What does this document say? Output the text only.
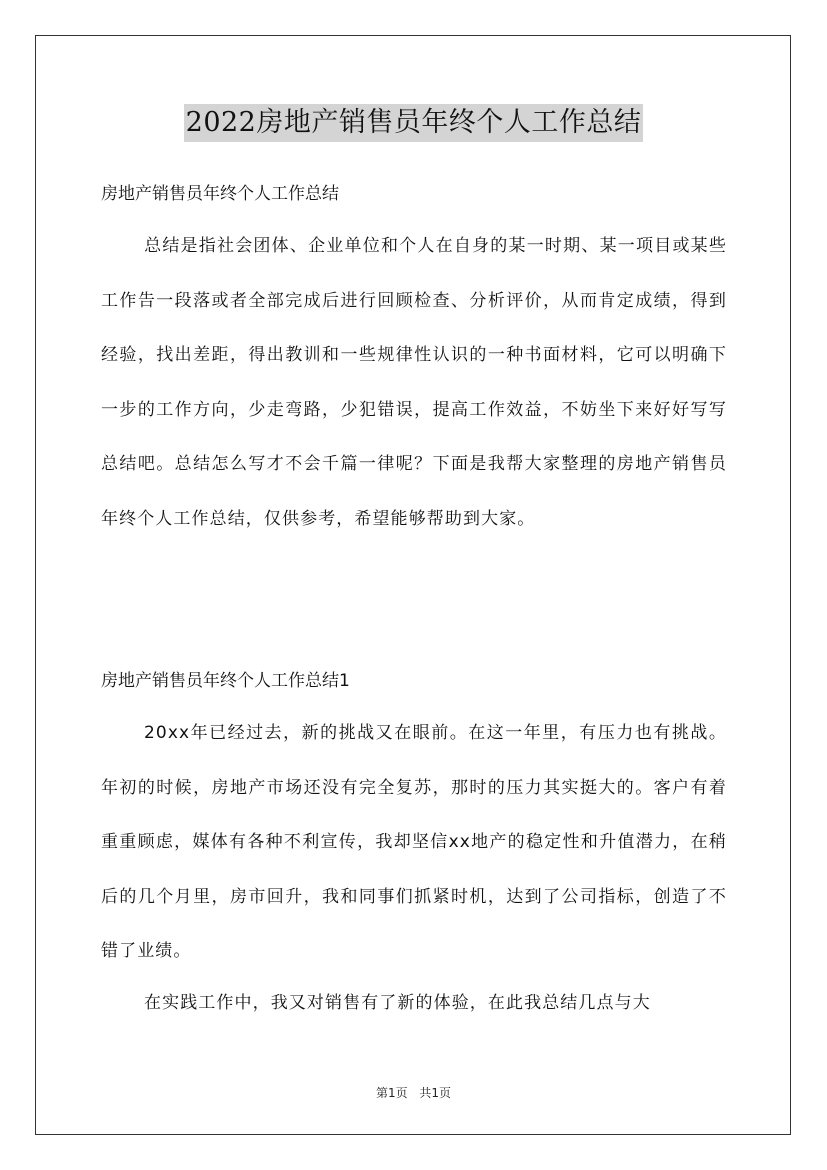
2022房地产销售员年终个人工作总结
房地产销售员年终个人工作总结
总结是指社会团体、企业单位和个人在自身的某一时期、某一项目或某些工作告一段落或者全部完成后进行回顾检查、分析评价，从而肯定成绩，得到经验，找出差距，得出教训和一些规律性认识的一种书面材料，它可以明确下一步的工作方向，少走弯路，少犯错误，提高工作效益，不妨坐下来好好写写总结吧。总结怎么写才不会千篇一律呢？下面是我帮大家整理的房地产销售员年终个人工作总结，仅供参考，希望能够帮助到大家。
房地产销售员年终个人工作总结1
20xx年已经过去，新的挑战又在眼前。在这一年里，有压力也有挑战。年初的时候，房地产市场还没有完全复苏，那时的压力其实挺大的。客户有着重重顾虑，媒体有各种不利宣传，我却坚信xx地产的稳定性和升值潜力，在稍后的几个月里，房市回升，我和同事们抓紧时机，达到了公司指标，创造了不错了业绩。
在实践工作中，我又对销售有了新的体验，在此我总结几点与大
第1页 共1页
